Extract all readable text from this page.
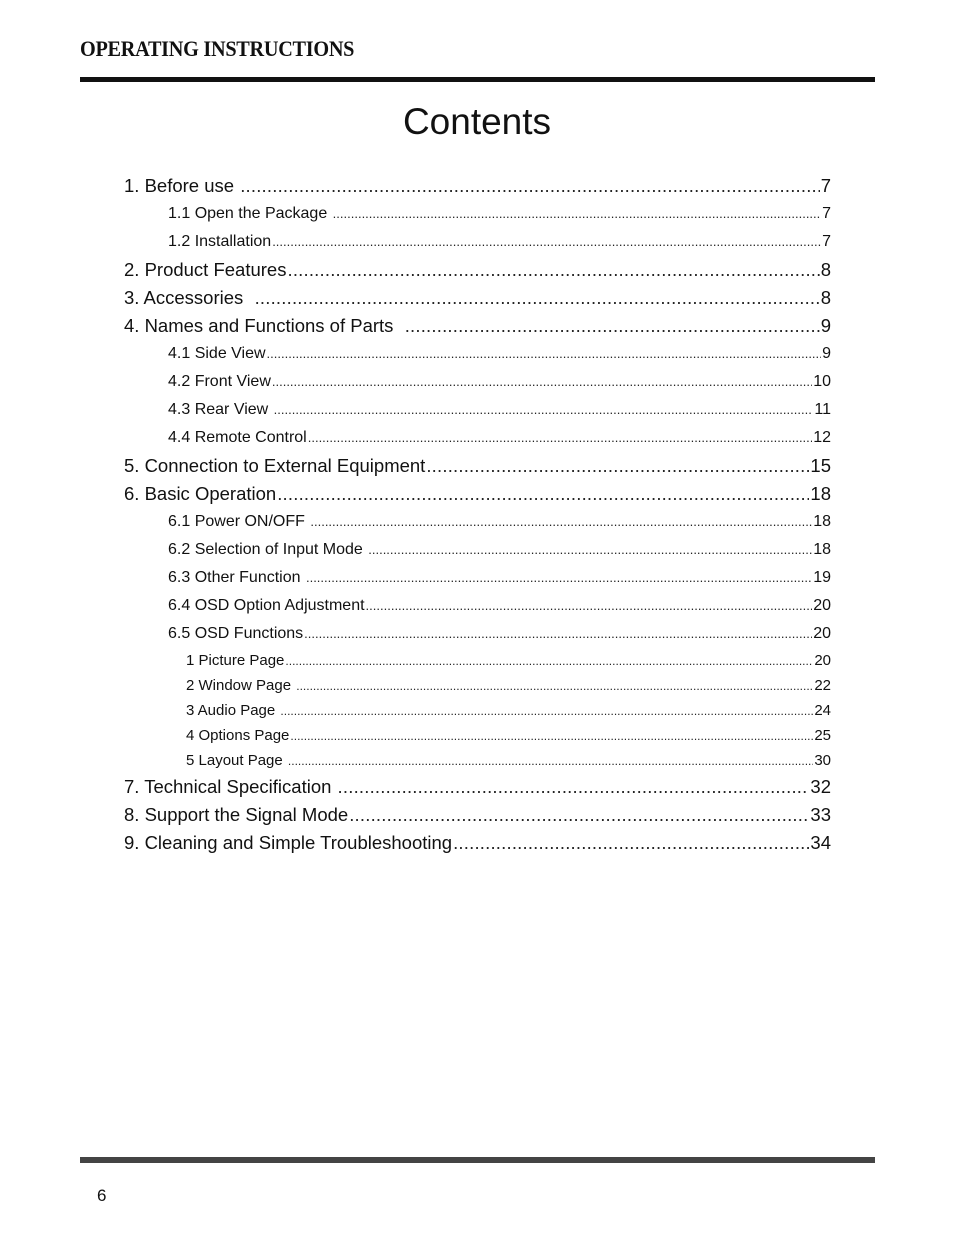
OPERATING INSTRUCTIONS
Contents
1. Before use .....	7
1.1 Open the Package .....	7
1.2 Installation .....	7
2. Product Features .....	8
3. Accessories .....	8
4. Names and Functions of Parts .....	9
4.1 Side View .....	9
4.2 Front View .....	10
4.3 Rear View .....	11
4.4 Remote Control .....	12
5. Connection to External Equipment .....	15
6. Basic Operation .....	18
6.1 Power ON/OFF .....	18
6.2 Selection of Input Mode .....	18
6.3 Other Function .....	19
6.4 OSD Option Adjustment .....	20
6.5 OSD Functions .....	20
1 Picture Page .....	20
2 Window Page .....	22
3 Audio Page .....	24
4 Options Page .....	25
5 Layout Page .....	30
7. Technical Specification .....	32
8. Support the Signal Mode .....	33
9. Cleaning and Simple Troubleshooting .....	34
6
